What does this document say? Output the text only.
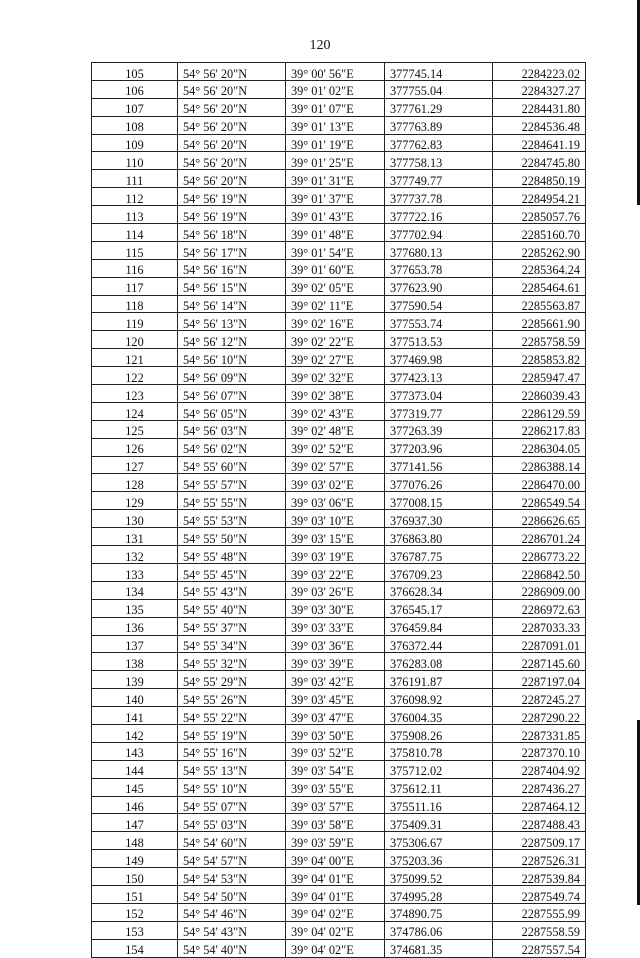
120
105	54° 56' 20"N	39° 00' 56"E	377745.14	2284223.02
106	54° 56' 20"N	39° 01' 02"E	377755.04	2284327.27
107	54° 56' 20"N	39° 01' 07"E	377761.29	2284431.80
108	54° 56' 20"N	39° 01' 13"E	377763.89	2284536.48
109	54° 56' 20"N	39° 01' 19"E	377762.83	2284641.19
110	54° 56' 20"N	39° 01' 25"E	377758.13	2284745.80
111	54° 56' 20"N	39° 01' 31"E	377749.77	2284850.19
112	54° 56' 19"N	39° 01' 37"E	377737.78	2284954.21
113	54° 56' 19"N	39° 01' 43"E	377722.16	2285057.76
114	54° 56' 18"N	39° 01' 48"E	377702.94	2285160.70
115	54° 56' 17"N	39° 01' 54"E	377680.13	2285262.90
116	54° 56' 16"N	39° 01' 60"E	377653.78	2285364.24
117	54° 56' 15"N	39° 02' 05"E	377623.90	2285464.61
118	54° 56' 14"N	39° 02' 11"E	377590.54	2285563.87
119	54° 56' 13"N	39° 02' 16"E	377553.74	2285661.90
120	54° 56' 12"N	39° 02' 22"E	377513.53	2285758.59
121	54° 56' 10"N	39° 02' 27"E	377469.98	2285853.82
122	54° 56' 09"N	39° 02' 32"E	377423.13	2285947.47
123	54° 56' 07"N	39° 02' 38"E	377373.04	2286039.43
124	54° 56' 05"N	39° 02' 43"E	377319.77	2286129.59
125	54° 56' 03"N	39° 02' 48"E	377263.39	2286217.83
126	54° 56' 02"N	39° 02' 52"E	377203.96	2286304.05
127	54° 55' 60"N	39° 02' 57"E	377141.56	2286388.14
128	54° 55' 57"N	39° 03' 02"E	377076.26	2286470.00
129	54° 55' 55"N	39° 03' 06"E	377008.15	2286549.54
130	54° 55' 53"N	39° 03' 10"E	376937.30	2286626.65
131	54° 55' 50"N	39° 03' 15"E	376863.80	2286701.24
132	54° 55' 48"N	39° 03' 19"E	376787.75	2286773.22
133	54° 55' 45"N	39° 03' 22"E	376709.23	2286842.50
134	54° 55' 43"N	39° 03' 26"E	376628.34	2286909.00
135	54° 55' 40"N	39° 03' 30"E	376545.17	2286972.63
136	54° 55' 37"N	39° 03' 33"E	376459.84	2287033.33
137	54° 55' 34"N	39° 03' 36"E	376372.44	2287091.01
138	54° 55' 32"N	39° 03' 39"E	376283.08	2287145.60
139	54° 55' 29"N	39° 03' 42"E	376191.87	2287197.04
140	54° 55' 26"N	39° 03' 45"E	376098.92	2287245.27
141	54° 55' 22"N	39° 03' 47"E	376004.35	2287290.22
142	54° 55' 19"N	39° 03' 50"E	375908.26	2287331.85
143	54° 55' 16"N	39° 03' 52"E	375810.78	2287370.10
144	54° 55' 13"N	39° 03' 54"E	375712.02	2287404.92
145	54° 55' 10"N	39° 03' 55"E	375612.11	2287436.27
146	54° 55' 07"N	39° 03' 57"E	375511.16	2287464.12
147	54° 55' 03"N	39° 03' 58"E	375409.31	2287488.43
148	54° 54' 60"N	39° 03' 59"E	375306.67	2287509.17
149	54° 54' 57"N	39° 04' 00"E	375203.36	2287526.31
150	54° 54' 53"N	39° 04' 01"E	375099.52	2287539.84
151	54° 54' 50"N	39° 04' 01"E	374995.28	2287549.74
152	54° 54' 46"N	39° 04' 02"E	374890.75	2287555.99
153	54° 54' 43"N	39° 04' 02"E	374786.06	2287558.59
154	54° 54' 40"N	39° 04' 02"E	374681.35	2287557.54
